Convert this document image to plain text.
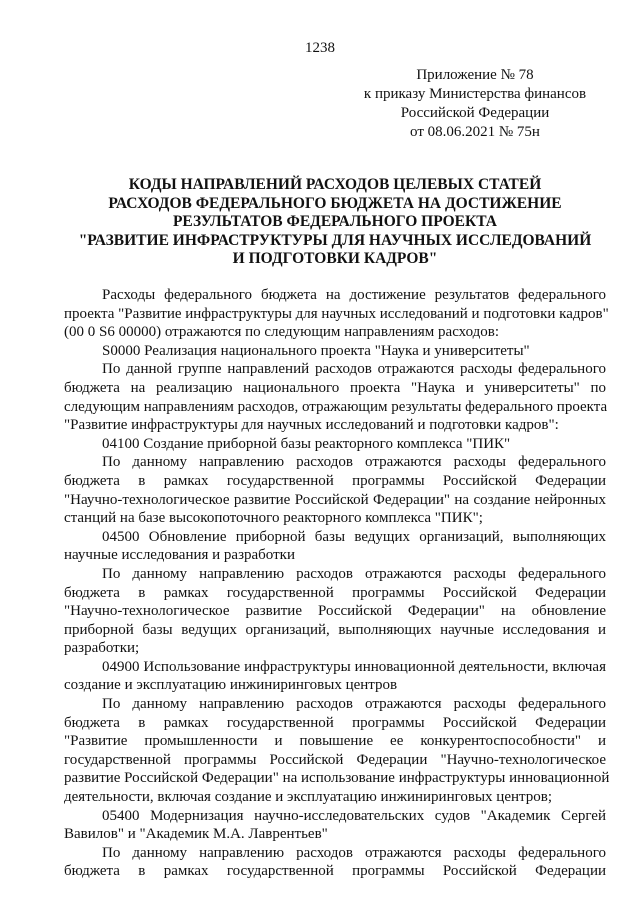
1238
Приложение № 78
к приказу Министерства финансов
Российской Федерации
от 08.06.2021 № 75н
КОДЫ НАПРАВЛЕНИЙ РАСХОДОВ ЦЕЛЕВЫХ СТАТЕЙ
РАСХОДОВ ФЕДЕРАЛЬНОГО БЮДЖЕТА НА ДОСТИЖЕНИЕ
РЕЗУЛЬТАТОВ ФЕДЕРАЛЬНОГО ПРОЕКТА
"РАЗВИТИЕ ИНФРАСТРУКТУРЫ ДЛЯ НАУЧНЫХ ИССЛЕДОВАНИЙ
И ПОДГОТОВКИ КАДРОВ"
Расходы федерального бюджета на достижение результатов федерального
проекта "Развитие инфраструктуры для научных исследований и подготовки кадров"
(00 0 S6 00000) отражаются по следующим направлениям расходов:
S0000 Реализация национального проекта "Наука и университеты"
По данной группе направлений расходов отражаются расходы федерального
бюджета на реализацию национального проекта "Наука и университеты" по
следующим направлениям расходов, отражающим результаты федерального проекта
"Развитие инфраструктуры для научных исследований и подготовки кадров":
04100 Создание приборной базы реакторного комплекса "ПИК"
По данному направлению расходов отражаются расходы федерального
бюджета в рамках государственной программы Российской Федерации
"Научно-технологическое развитие Российской Федерации" на создание нейронных
станций на базе высокопоточного реакторного комплекса "ПИК";
04500 Обновление приборной базы ведущих организаций, выполняющих
научные исследования и разработки
По данному направлению расходов отражаются расходы федерального
бюджета в рамках государственной программы Российской Федерации
"Научно-технологическое развитие Российской Федерации" на обновление
приборной базы ведущих организаций, выполняющих научные исследования и
разработки;
04900 Использование инфраструктуры инновационной деятельности, включая
создание и эксплуатацию инжиниринговых центров
По данному направлению расходов отражаются расходы федерального
бюджета в рамках государственной программы Российской Федерации
"Развитие промышленности и повышение ее конкурентоспособности" и
государственной программы Российской Федерации "Научно-технологическое
развитие Российской Федерации" на использование инфраструктуры инновационной
деятельности, включая создание и эксплуатацию инжиниринговых центров;
05400 Модернизация научно-исследовательских судов "Академик Сергей
Вавилов" и "Академик М.А. Лаврентьев"
По данному направлению расходов отражаются расходы федерального
бюджета в рамках государственной программы Российской Федерации
